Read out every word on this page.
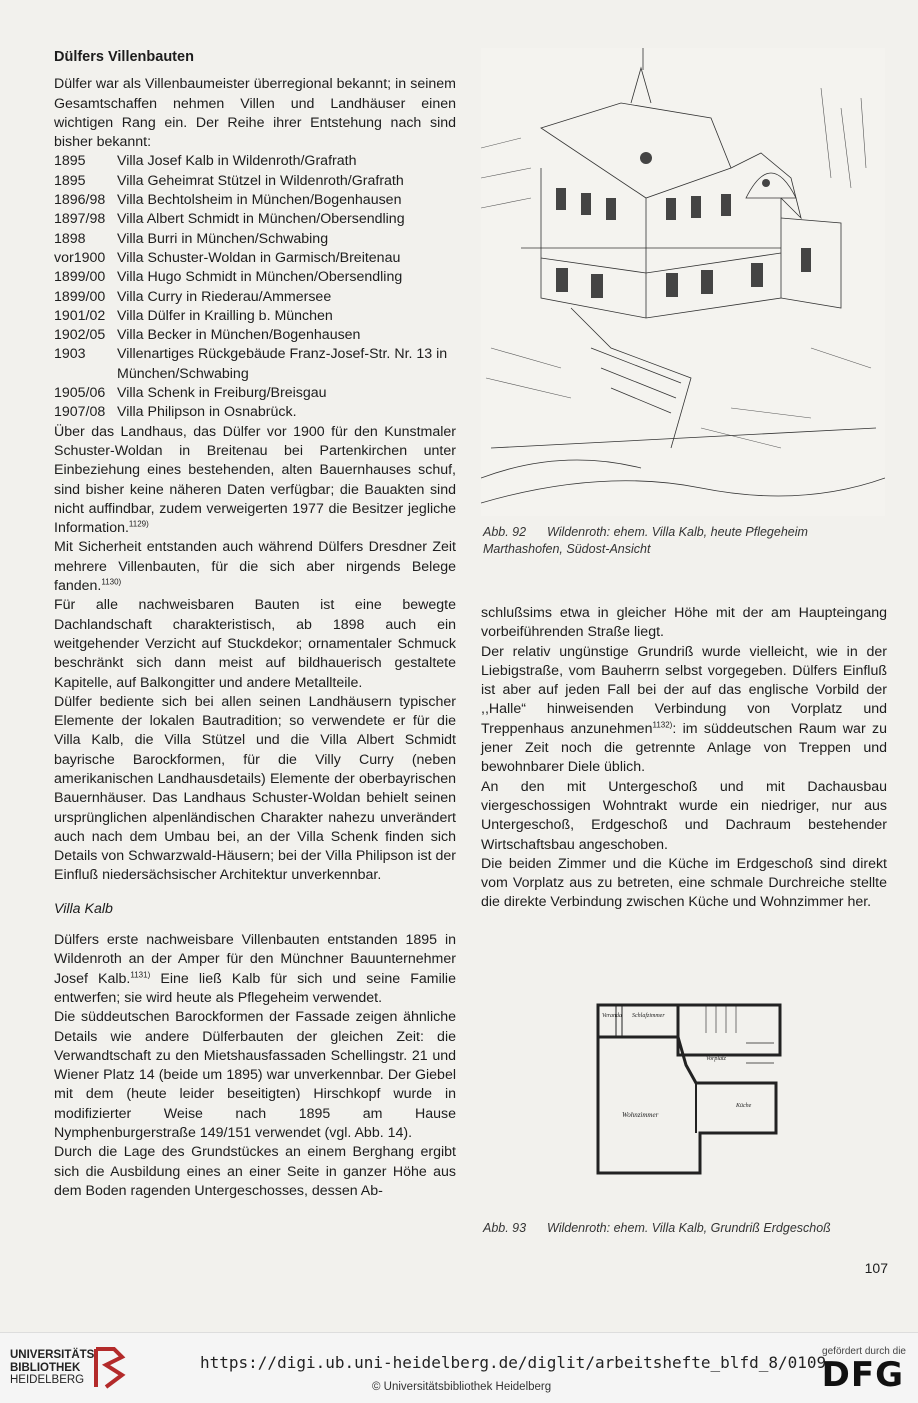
Dülfers Villenbauten

Dülfer war als Villenbaumeister überregional bekannt; in seinem Gesamtschaffen nehmen Villen und Landhäuser einen wichtigen Rang ein. Der Reihe ihrer Entstehung nach sind bisher bekannt:

1895	Villa Josef Kalb in Wildenroth/Grafrath
1895	Villa Geheimrat Stützel in Wildenroth/Grafrath
1896/98 Villa Bechtolsheim in München/Bogenhausen
1897/98 Villa Albert Schmidt in München/Obersendling
1898	Villa Burri in München/Schwabing
vor1900 Villa Schuster-Woldan in Garmisch/Breitenau
1899/00 Villa Hugo Schmidt in München/Obersendling
1899/00 Villa Curry in Riederau/Ammersee
1901/02 Villa Dülfer in Krailling b. München
1902/05 Villa Becker in München/Bogenhausen
1903	Villenartiges Rückgebäude Franz-Josef-Str. Nr. 13 in München/Schwabing
1905/06 Villa Schenk in Freiburg/Breisgau
1907/08 Villa Philipson in Osnabrück.

Über das Landhaus, das Dülfer vor 1900 für den Kunstmaler Schuster-Woldan in Breitenau bei Partenkirchen unter Einbeziehung eines bestehenden, alten Bauernhauses schuf, sind bisher keine näheren Daten verfügbar; die Bauakten sind nicht auffindbar, zudem verweigerten 1977 die Besitzer jegliche Information.$^{1129)}$

Mit Sicherheit entstanden auch während Dülfers Dresdner Zeit mehrere Villenbauten, für die sich aber nirgends Belege fanden.$^{1130)}$

Für alle nachweisbaren Bauten ist eine bewegte Dachlandschaft charakteristisch, ab 1898 auch ein weitgehender Verzicht auf Stuckdekor; ornamentaler Schmuck beschränkt sich dann meist auf bildhauerisch gestaltete Kapitelle, auf Balkongitter und andere Metallteile.

Dülfer bediente sich bei allen seinen Landhäusern typischer Elemente der lokalen Bautradition; so verwendete er für die Villa Kalb, die Villa Stützel und die Villa Albert Schmidt bayrische Barockformen, für die Villy Curry (neben amerikanischen Landhausdetails) Elemente der oberbayrischen Bauernhäuser. Das Landhaus Schuster-Woldan behielt seinen ursprünglichen alpenländischen Charakter nahezu unverändert auch nach dem Umbau bei, an der Villa Schenk finden sich Details von Schwarzwald-Häusern; bei der Villa Philipson ist der Einfluß niedersächsischer Architektur unverkennbar.

Villa Kalb

Dülfers erste nachweisbare Villenbauten entstanden 1895 in Wildenroth an der Amper für den Münchner Bauunternehmer Josef Kalb.$^{1131)}$ Eine ließ Kalb für sich und seine Familie entwerfen; sie wird heute als Pflegeheim verwendet.

Die süddeutschen Barockformen der Fassade zeigen ähnliche Details wie andere Dülferbauten der gleichen Zeit: die Verwandtschaft zu den Mietshausfassaden Schellingstr. 21 und Wiener Platz 14 (beide um 1895) war unverkennbar. Der Giebel mit dem (heute leider beseitigten) Hirschkopf wurde in modifizierter Weise nach 1895 am Hause Nymphenburgerstraße 149/151 verwendet (vgl. Abb. 14).

Durch die Lage des Grundstückes an einem Berghang ergibt sich die Ausbildung eines an einer Seite in ganzer Höhe aus dem Boden ragenden Untergeschosses, dessen Ab-

Abb. 92 Wildenroth: ehem. Villa Kalb, heute Pflegeheim Marthashofen, Südost-Ansicht

schlußsims etwa in gleicher Höhe mit der am Haupteingang vorbeiführenden Straße liegt.

Der relativ ungünstige Grundriß wurde vielleicht, wie in der Liebigstraße, vom Bauherrn selbst vorgegeben. Dülfers Einfluß ist aber auf jeden Fall bei der auf das englische Vorbild der ,,Halle“ hinweisenden Verbindung von Vorplatz und Treppenhaus anzunehmen$^{1132)}$: im süddeutschen Raum war zu jener Zeit noch die getrennte Anlage von Treppen und bewohnbarer Diele üblich.

An den mit Untergeschoß und mit Dachausbau viergeschossigen Wohntrakt wurde ein niedriger, nur aus Untergeschoß, Erdgeschoß und Dachraum bestehender Wirtschaftsbau angeschoben.

Die beiden Zimmer und die Küche im Erdgeschoß sind direkt vom Vorplatz aus zu betreten, eine schmale Durchreiche stellte die direkte Verbindung zwischen Küche und Wohnzimmer her.

Veranda Schlafzimmer
Vorplatz
Küche
Wohnzimmer
Abb. 93 Wildenroth: ehem. Villa Kalb, Grundriß Erdgeschoß
107
UNIVERSITÄTS-
BIBLIOTHEK
HEIDELBERG
https://digi.ub.uni-heidelberg.de/diglit/arbeitshefte_blfd_8/0109
© Universitätsbibliothek Heidelberg
gefördert durch die
DFG
